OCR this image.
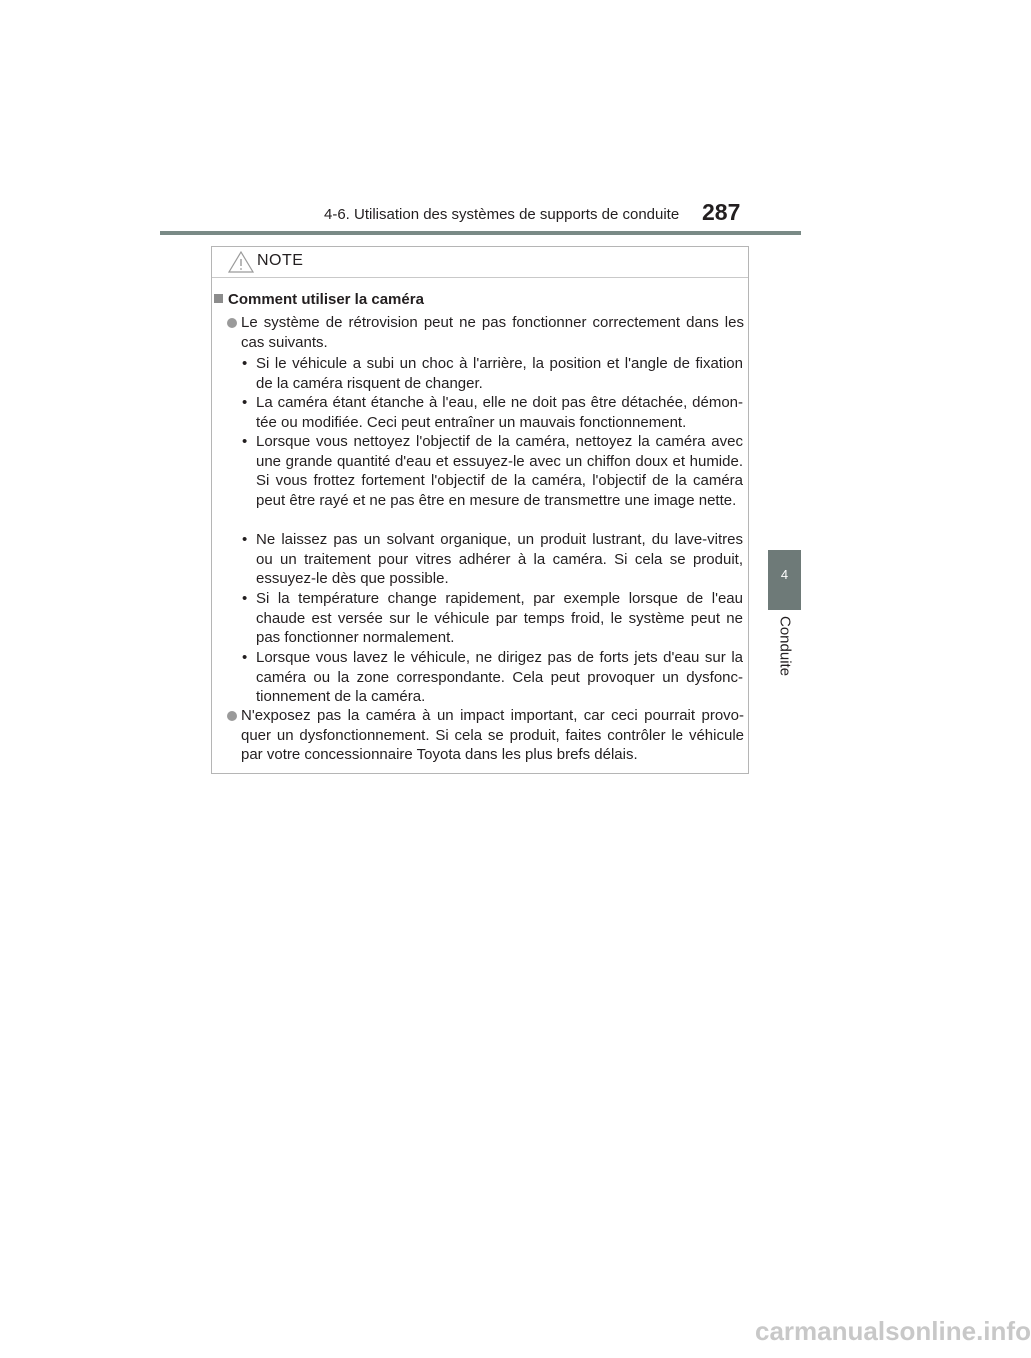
4-6. Utilisation des systèmes de supports de conduite 287
4
Conduite
NOTE
Comment utiliser la caméra
Le système de rétrovision peut ne pas fonctionner correctement dans les cas suivants.
• Si le véhicule a subi un choc à l'arrière, la position et l'angle de fixation de la caméra risquent de changer.
• La caméra étant étanche à l'eau, elle ne doit pas être détachée, démon-tée ou modifiée. Ceci peut entraîner un mauvais fonctionnement.
• Lorsque vous nettoyez l'objectif de la caméra, nettoyez la caméra avec une grande quantité d'eau et essuyez-le avec un chiffon doux et humide. Si vous frottez fortement l'objectif de la caméra, l'objectif de la caméra peut être rayé et ne pas être en mesure de transmettre une image nette.
• Ne laissez pas un solvant organique, un produit lustrant, du lave-vitres ou un traitement pour vitres adhérer à la caméra. Si cela se produit, essuyez-le dès que possible.
• Si la température change rapidement, par exemple lorsque de l'eau chaude est versée sur le véhicule par temps froid, le système peut ne pas fonctionner normalement.
• Lorsque vous lavez le véhicule, ne dirigez pas de forts jets d'eau sur la caméra ou la zone correspondante. Cela peut provoquer un dysfonc-tionnement de la caméra.
N'exposez pas la caméra à un impact important, car ceci pourrait provo-quer un dysfonctionnement. Si cela se produit, faites contrôler le véhicule par votre concessionnaire Toyota dans les plus brefs délais.
carmanualsonline.info
